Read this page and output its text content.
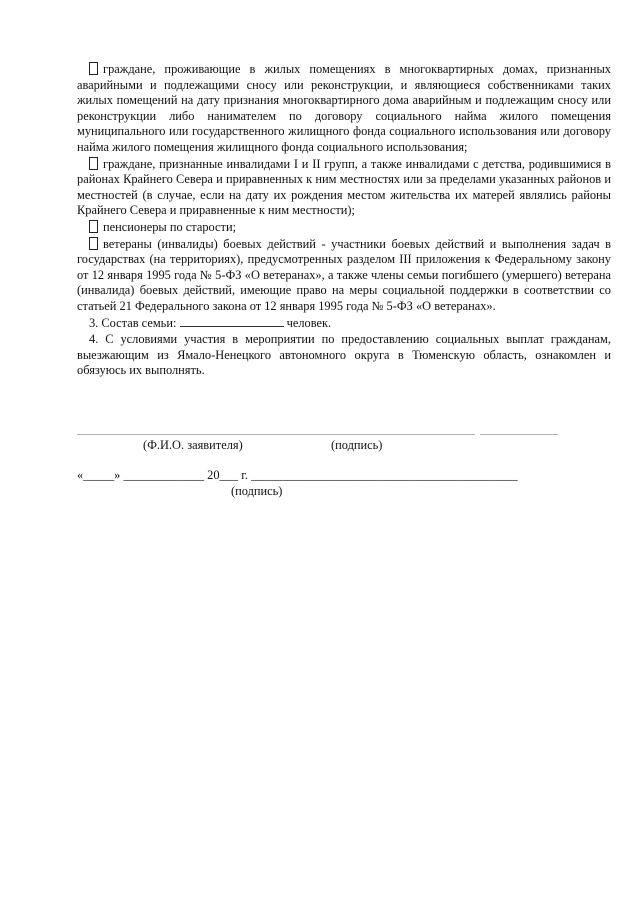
граждане, проживающие в жилых помещениях в многоквартирных домах, признанных аварийными и подлежащими сносу или реконструкции, и являющиеся собственниками таких жилых помещений на дату признания многоквартирного дома аварийным и подлежащим сносу или реконструкции либо нанимателем по договору социального найма жилого помещения муниципального или государственного жилищного фонда социального использования или договору найма жилого помещения жилищного фонда социального использования;

граждане, признанные инвалидами I и II групп, а также инвалидами с детства, родившимися в районах Крайнего Севера и приравненных к ним местностях или за пределами указанных районов и местностей (в случае, если на дату их рождения местом жительства их матерей являлись районы Крайнего Севера и приравненные к ним местности);

пенсионеры по старости;

ветераны (инвалиды) боевых действий - участники боевых действий и выполнения задач в государствах (на территориях), предусмотренных разделом III приложения к Федеральному закону от 12 января 1995 года № 5-ФЗ «О ветеранах», а также члены семьи погибшего (умершего) ветерана (инвалида) боевых действий, имеющие право на меры социальной поддержки в соответствии со статьей 21 Федерального закона от 12 января 1995 года № 5-ФЗ «О ветеранах».

3. Состав семьи:	человек.

4. С условиями участия в мероприятии по предоставлению социальных выплат гражданам, выезжающим из Ямало-Ненецкого автономного округа в Тюменскую область, ознакомлен и обязуюсь их выполнять.

(Ф.И.О. заявителя)	(подпись)
«_____» _____________ 20___ г. ___________________________________________
(подпись)
